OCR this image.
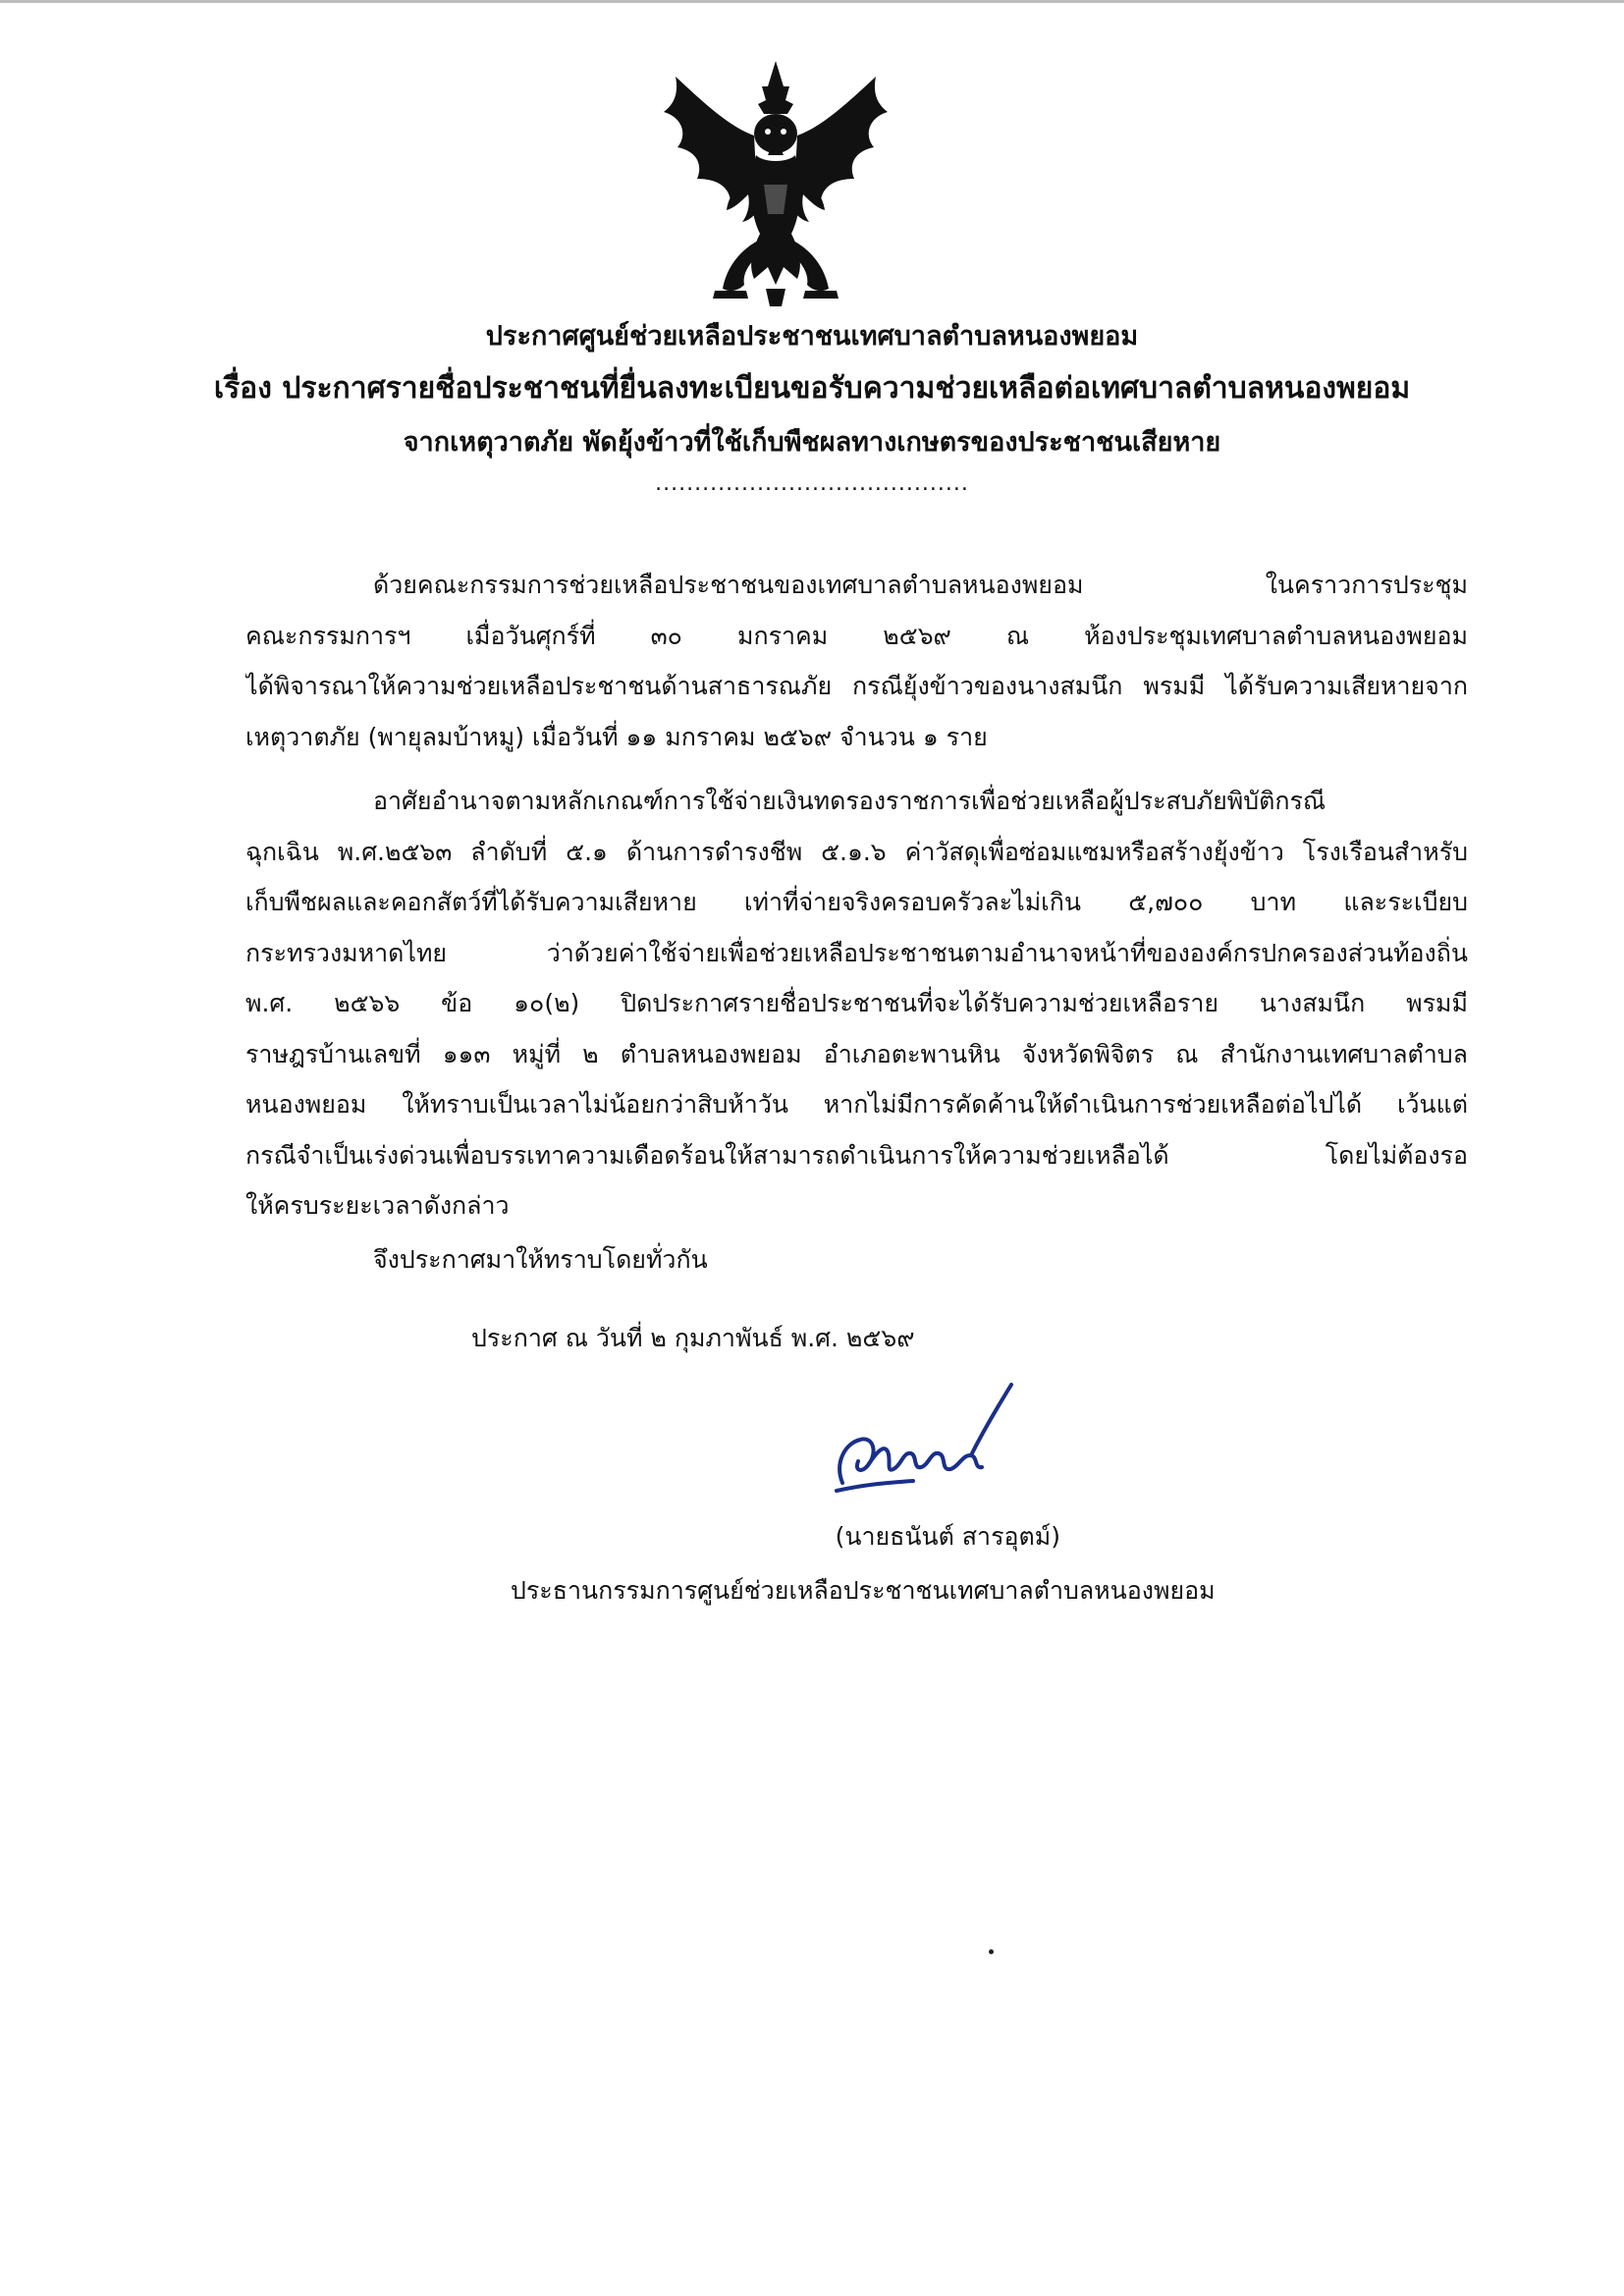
ประกาศศูนย์ช่วยเหลือประชาชนเทศบาลตำบลหนองพยอม
เรื่อง ประกาศรายชื่อประชาชนที่ยื่นลงทะเบียนขอรับความช่วยเหลือต่อเทศบาลตำบลหนองพยอม
จากเหตุวาตภัย พัดยุ้งข้าวที่ใช้เก็บพืชผลทางเกษตรของประชาชนเสียหาย
........................................
ด้วยคณะกรรมการช่วยเหลือประชาชนของเทศบาลตำบลหนองพยอม ในคราวการประชุม
คณะกรรมการฯ เมื่อวันศุกร์ที่ ๓๐ มกราคม ๒๕๖๙ ณ ห้องประชุมเทศบาลตำบลหนองพยอม
ได้พิจารณาให้ความช่วยเหลือประชาชนด้านสาธารณภัย กรณียุ้งข้าวของนางสมนึก พรมมี ได้รับความเสียหายจาก
เหตุวาตภัย (พายุลมบ้าหมู) เมื่อวันที่ ๑๑ มกราคม ๒๕๖๙ จำนวน ๑ ราย
อาศัยอำนาจตามหลักเกณฑ์การใช้จ่ายเงินทดรองราชการเพื่อช่วยเหลือผู้ประสบภัยพิบัติกรณี
ฉุกเฉิน พ.ศ.๒๕๖๓ ลำดับที่ ๕.๑ ด้านการดำรงชีพ ๕.๑.๖ ค่าวัสดุเพื่อซ่อมแซมหรือสร้างยุ้งข้าว โรงเรือนสำหรับ
เก็บพืชผลและคอกสัตว์ที่ได้รับความเสียหาย เท่าที่จ่ายจริงครอบครัวละไม่เกิน ๕,๗๐๐ บาท และระเบียบ
กระทรวงมหาดไทย ว่าด้วยค่าใช้จ่ายเพื่อช่วยเหลือประชาชนตามอำนาจหน้าที่ขององค์กรปกครองส่วนท้องถิ่น
พ.ศ. ๒๕๖๖ ข้อ ๑๐(๒) ปิดประกาศรายชื่อประชาชนที่จะได้รับความช่วยเหลือราย นางสมนึก พรมมี
ราษฎรบ้านเลขที่ ๑๑๓ หมู่ที่ ๒ ตำบลหนองพยอม อำเภอตะพานหิน จังหวัดพิจิตร ณ สำนักงานเทศบาลตำบล
หนองพยอม ให้ทราบเป็นเวลาไม่น้อยกว่าสิบห้าวัน หากไม่มีการคัดค้านให้ดำเนินการช่วยเหลือต่อไปได้ เว้นแต่
กรณีจำเป็นเร่งด่วนเพื่อบรรเทาความเดือดร้อนให้สามารถดำเนินการให้ความช่วยเหลือได้ โดยไม่ต้องรอ
ให้ครบระยะเวลาดังกล่าว
จึงประกาศมาให้ทราบโดยทั่วกัน
ประกาศ ณ วันที่ ๒ กุมภาพันธ์ พ.ศ. ๒๕๖๙
(นายธนันต์ สารอุตม์)
ประธานกรรมการศูนย์ช่วยเหลือประชาชนเทศบาลตำบลหนองพยอม
